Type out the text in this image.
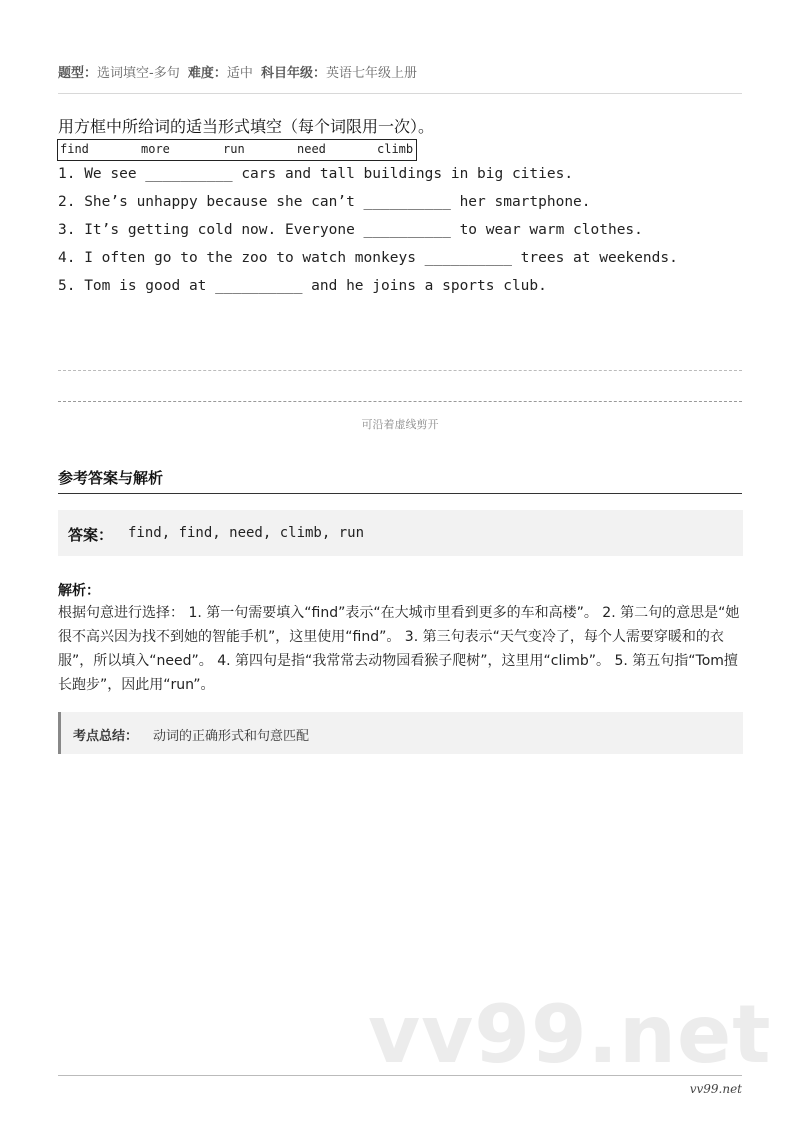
题型：选词填空-多句 难度：适中 科目年级：英语七年级上册
用方框中所给词的适当形式填空（每个词限用一次）。
find	more	run	need	climb
1. We see __________ cars and tall buildings in big cities.
2. She’s unhappy because she can’t __________ her smartphone.
3. It’s getting cold now. Everyone __________ to wear warm clothes.
4. I often go to the zoo to watch monkeys __________ trees at weekends.
5. Tom is good at __________ and he joins a sports club.
可沿着虚线剪开
参考答案与解析
答案： find, find, need, climb, run
解析：
根据句意进行选择： 1. 第一句需要填入“find”表示“在大城市里看到更多的车和高楼”。 2. 第二句的意思是“她很不高兴因为找不到她的智能手机”，这里使用“find”。 3. 第三句表示“天气变冷了，每个人需要穿暖和的衣服”，所以填入“need”。 4. 第四句是指“我常常去动物园看猴子爬树”，这里用“climb”。 5. 第五句指“Tom擅长跑步”，因此用“run”。
考点总结： 动词的正确形式和句意匹配
vv99.net
vv99.net
